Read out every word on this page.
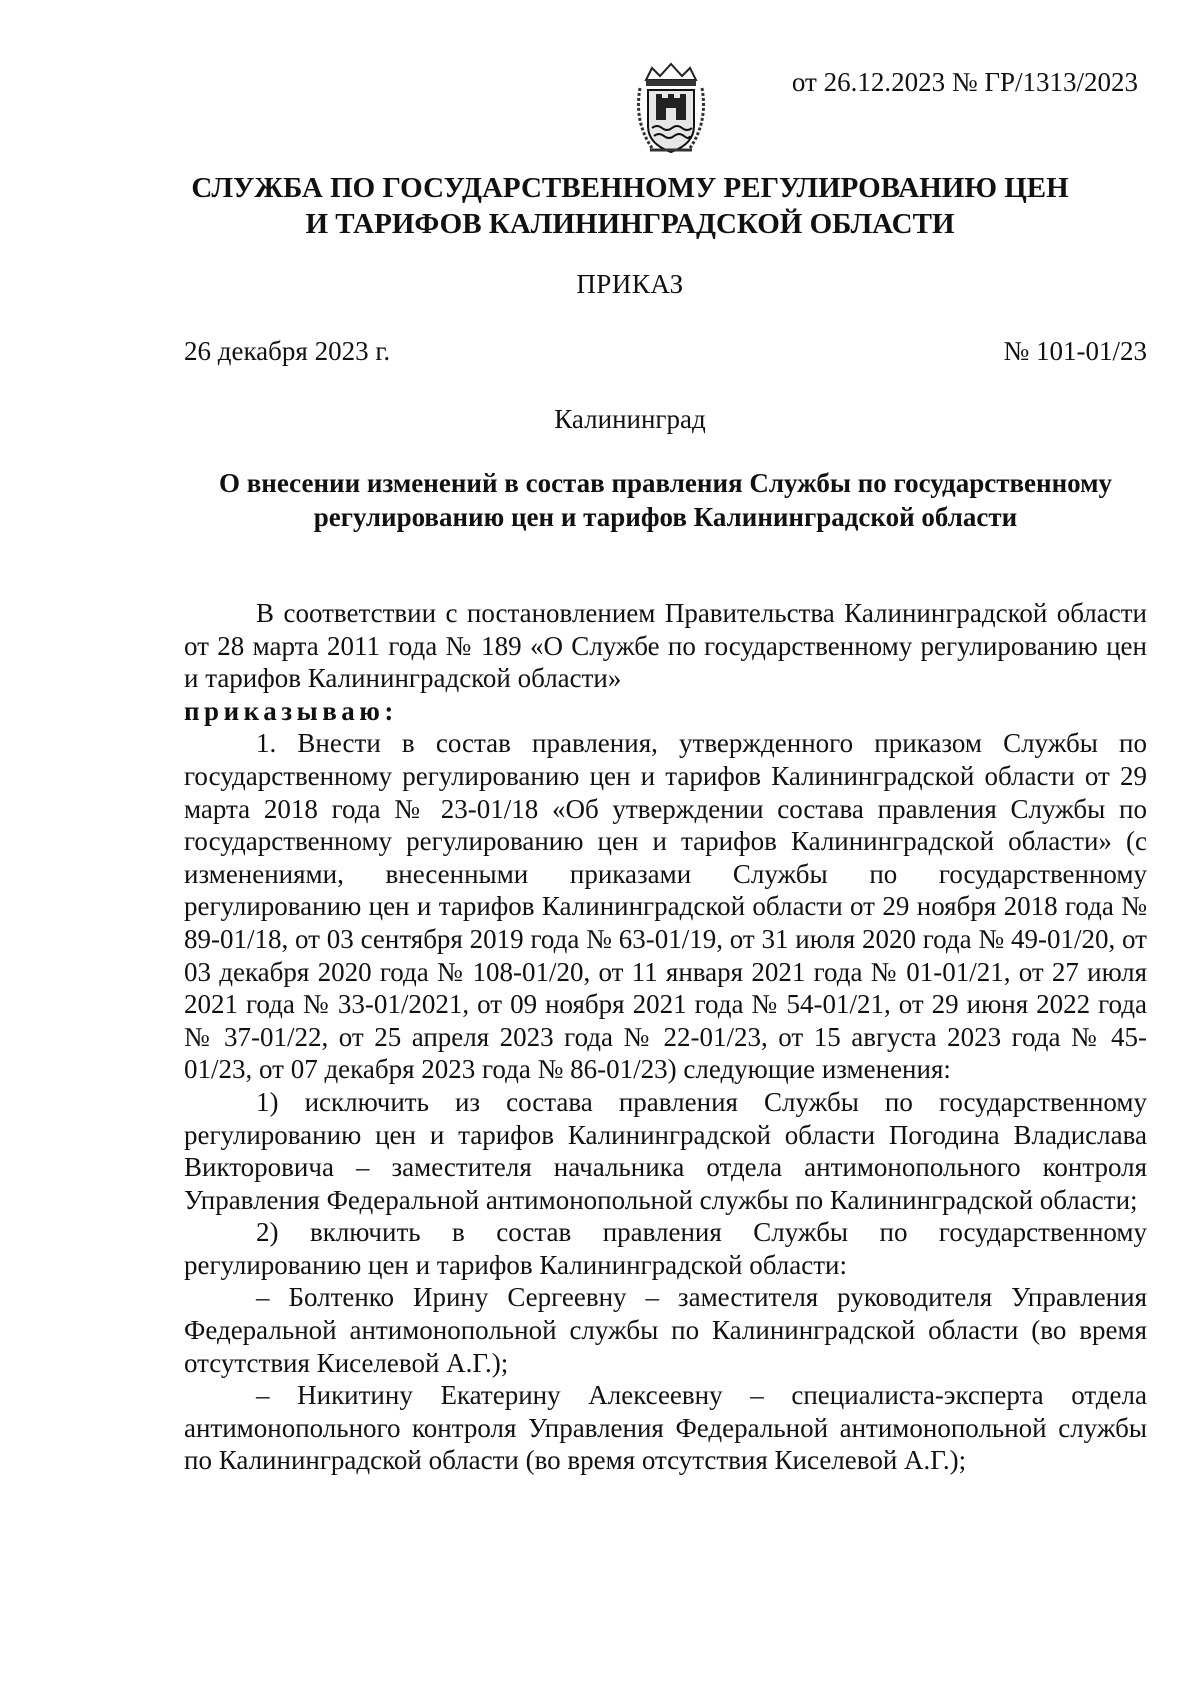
от 26.12.2023 № ГР/1313/2023
СЛУЖБА ПО ГОСУДАРСТВЕННОМУ РЕГУЛИРОВАНИЮ ЦЕН
И ТАРИФОВ КАЛИНИНГРАДСКОЙ ОБЛАСТИ
ПРИКАЗ
26 декабря 2023 г.	№ 101-01/23
Калининград
О внесении изменений в состав правления Службы по государственному
регулированию цен и тарифов Калининградской области

В соответствии с постановлением Правительства Калининградской области от 28 марта 2011 года № 189 «О Службе по государственному регулированию цен и тарифов Калининградской области»

приказываю:

1. Внести в состав правления, утвержденного приказом Службы по государственному регулированию цен и тарифов Калининградской области от 29 марта 2018 года № 23-01/18 «Об утверждении состава правления Службы по государственному регулированию цен и тарифов Калининградской области» (с изменениями, внесенными приказами Службы по государственному регулированию цен и тарифов Калининградской области от 29 ноября 2018 года № 89-01/18, от 03 сентября 2019 года № 63-01/19, от 31 июля 2020 года № 49-01/20, от 03 декабря 2020 года № 108-01/20, от 11 января 2021 года № 01-01/21, от 27 июля 2021 года № 33-01/2021, от 09 ноября 2021 года № 54-01/21, от 29 июня 2022 года № 37-01/22, от 25 апреля 2023 года № 22-01/23, от 15 августа 2023 года № 45-01/23, от 07 декабря 2023 года № 86-01/23) следующие изменения:

1) исключить из состава правления Службы по государственному регулированию цен и тарифов Калининградской области Погодина Владислава Викторовича – заместителя начальника отдела антимонопольного контроля Управления Федеральной антимонопольной службы по Калининградской области;

2) включить в состав правления Службы по государственному регулированию цен и тарифов Калининградской области:

– Болтенко Ирину Сергеевну – заместителя руководителя Управления Федеральной антимонопольной службы по Калининградской области (во время отсутствия Киселевой А.Г.);

– Никитину Екатерину Алексеевну – специалиста-эксперта отдела антимонопольного контроля Управления Федеральной антимонопольной службы по Калининградской области (во время отсутствия Киселевой А.Г.);
